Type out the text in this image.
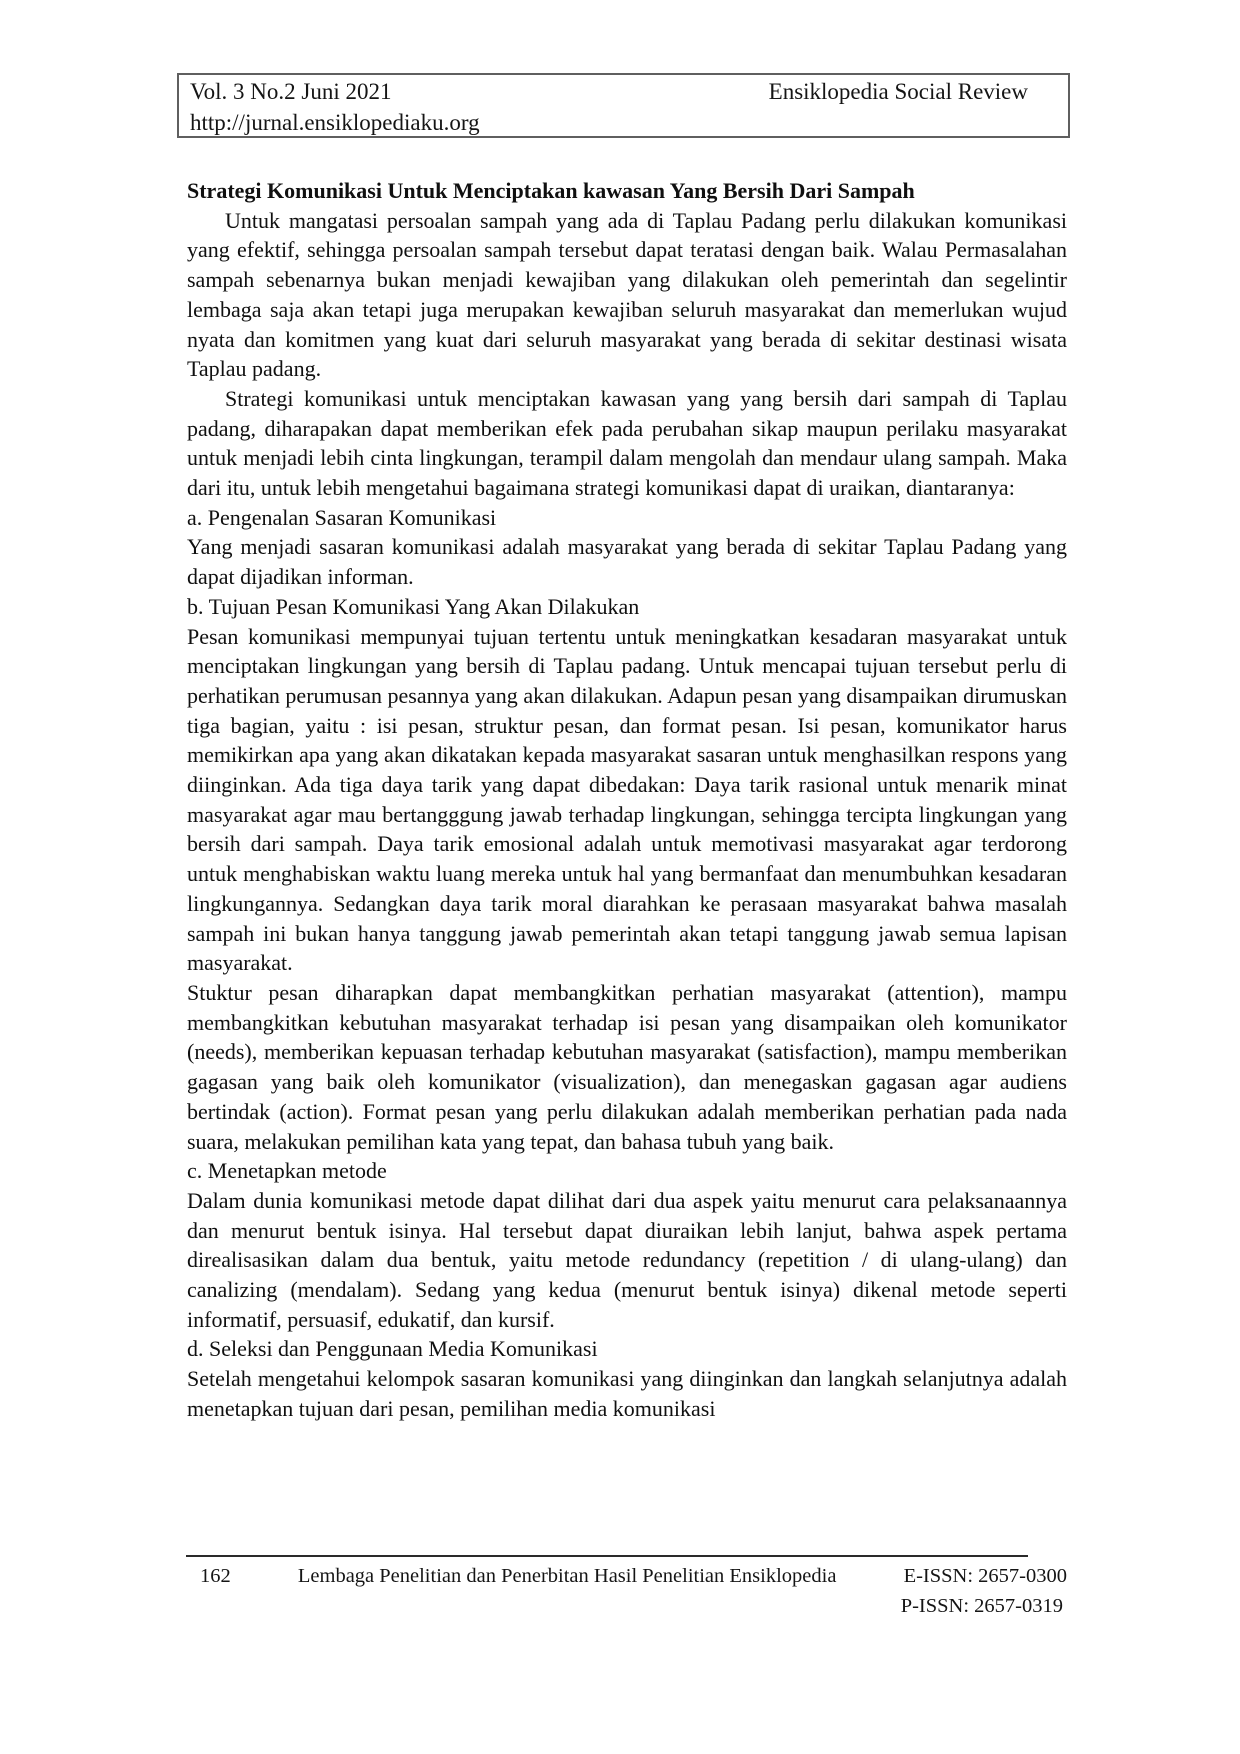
Vol. 3 No.2 Juni 2021	Ensiklopedia Social Review
http://jurnal.ensiklopediaku.org

Strategi Komunikasi Untuk Menciptakan kawasan Yang Bersih Dari Sampah

Untuk mangatasi persoalan sampah yang ada di Taplau Padang perlu dilakukan komunikasi yang efektif, sehingga persoalan sampah tersebut dapat teratasi dengan baik. Walau Permasalahan sampah sebenarnya bukan menjadi kewajiban yang dilakukan oleh pemerintah dan segelintir lembaga saja akan tetapi juga merupakan kewajiban seluruh masyarakat dan memerlukan wujud nyata dan komitmen yang kuat dari seluruh masyarakat yang berada di sekitar destinasi wisata Taplau padang.

Strategi komunikasi untuk menciptakan kawasan yang yang bersih dari sampah di Taplau padang, diharapakan dapat memberikan efek pada perubahan sikap maupun perilaku masyarakat untuk menjadi lebih cinta lingkungan, terampil dalam mengolah dan mendaur ulang sampah. Maka dari itu, untuk lebih mengetahui bagaimana strategi komunikasi dapat di uraikan, diantaranya:

a. Pengenalan Sasaran Komunikasi

Yang menjadi sasaran komunikasi adalah masyarakat yang berada di sekitar Taplau Padang yang dapat dijadikan informan.

b. Tujuan Pesan Komunikasi Yang Akan Dilakukan

Pesan komunikasi mempunyai tujuan tertentu untuk meningkatkan kesadaran masyarakat untuk menciptakan lingkungan yang bersih di Taplau padang. Untuk mencapai tujuan tersebut perlu di perhatikan perumusan pesannya yang akan dilakukan. Adapun pesan yang disampaikan dirumuskan tiga bagian, yaitu : isi pesan, struktur pesan, dan format pesan. Isi pesan, komunikator harus memikirkan apa yang akan dikatakan kepada masyarakat sasaran untuk menghasilkan respons yang diinginkan. Ada tiga daya tarik yang dapat dibedakan: Daya tarik rasional untuk menarik minat masyarakat agar mau bertangggung jawab terhadap lingkungan, sehingga tercipta lingkungan yang bersih dari sampah. Daya tarik emosional adalah untuk memotivasi masyarakat agar terdorong untuk menghabiskan waktu luang mereka untuk hal yang bermanfaat dan menumbuhkan kesadaran lingkungannya. Sedangkan daya tarik moral diarahkan ke perasaan masyarakat bahwa masalah sampah ini bukan hanya tanggung jawab pemerintah akan tetapi tanggung jawab semua lapisan masyarakat.

Stuktur pesan diharapkan dapat membangkitkan perhatian masyarakat (attention), mampu membangkitkan kebutuhan masyarakat terhadap isi pesan yang disampaikan oleh komunikator (needs), memberikan kepuasan terhadap kebutuhan masyarakat (satisfaction), mampu memberikan gagasan yang baik oleh komunikator (visualization), dan menegaskan gagasan agar audiens bertindak (action). Format pesan yang perlu dilakukan adalah memberikan perhatian pada nada suara, melakukan pemilihan kata yang tepat, dan bahasa tubuh yang baik.

c. Menetapkan metode

Dalam dunia komunikasi metode dapat dilihat dari dua aspek yaitu menurut cara pelaksanaannya dan menurut bentuk isinya. Hal tersebut dapat diuraikan lebih lanjut, bahwa aspek pertama direalisasikan dalam dua bentuk, yaitu metode redundancy (repetition / di ulang-ulang) dan canalizing (mendalam). Sedang yang kedua (menurut bentuk isinya) dikenal metode seperti informatif, persuasif, edukatif, dan kursif.

d. Seleksi dan Penggunaan Media Komunikasi

Setelah mengetahui kelompok sasaran komunikasi yang diinginkan dan langkah selanjutnya adalah menetapkan tujuan dari pesan, pemilihan media komunikasi

162	Lembaga Penelitian dan Penerbitan Hasil Penelitian Ensiklopedia	E-ISSN: 2657-0300
P-ISSN: 2657-0319
